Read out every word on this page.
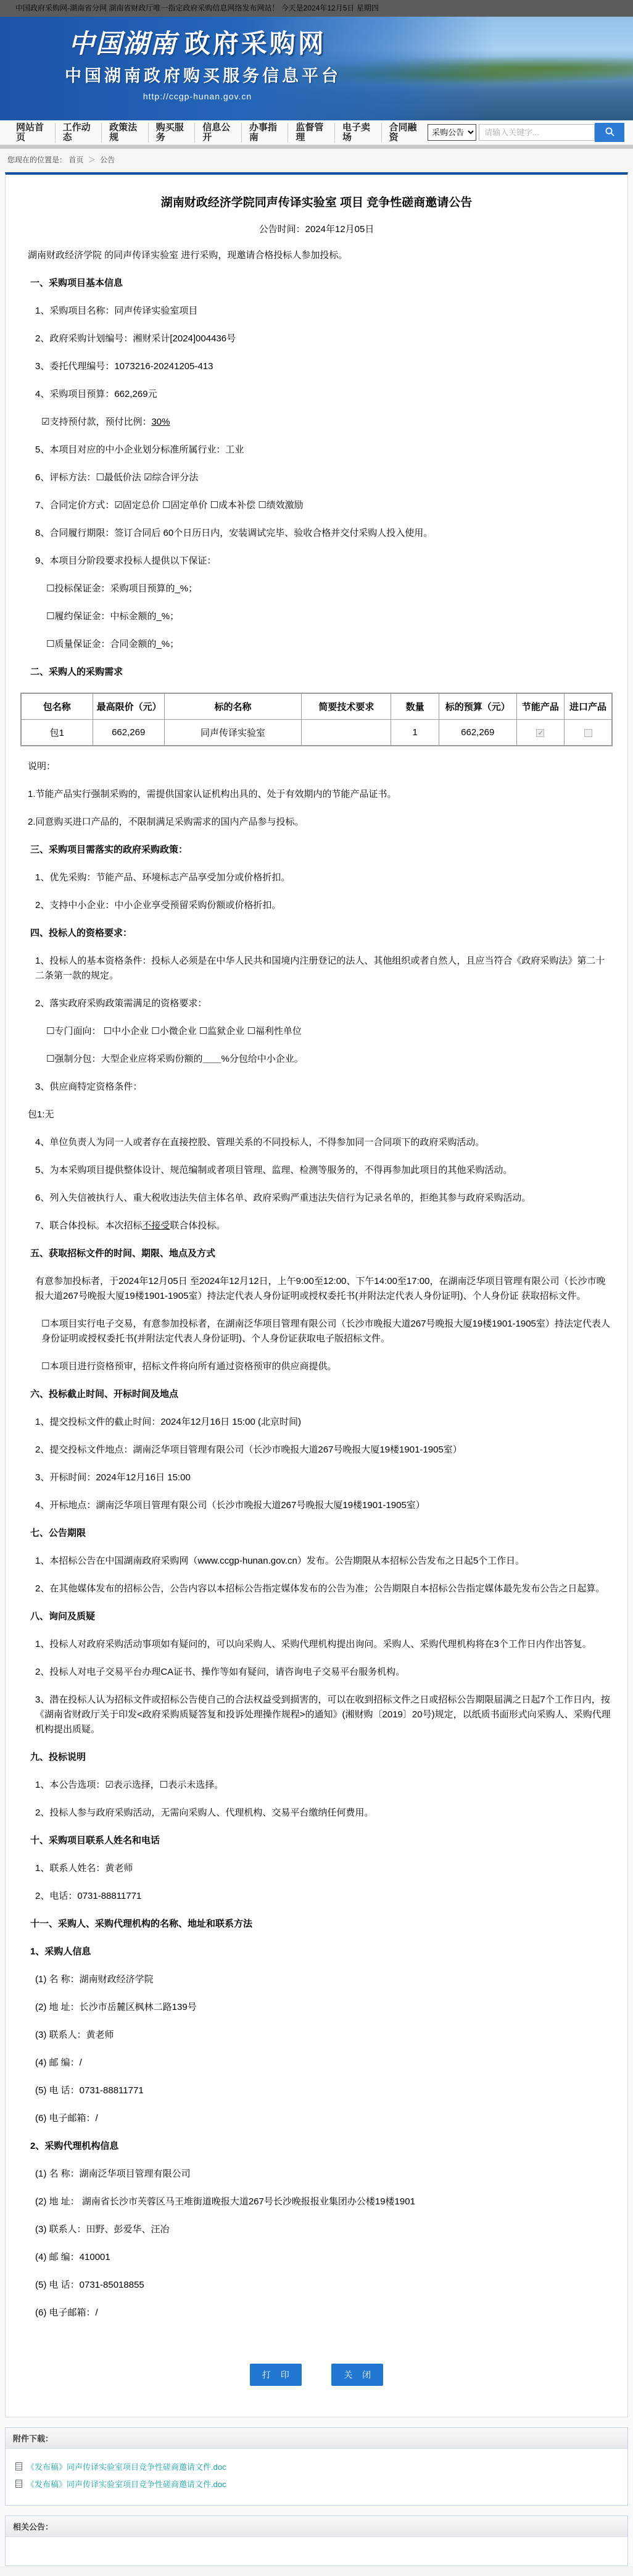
中国政府采购网-湖南省分网 湖南省财政厅唯一指定政府采购信息网络发布网站！ 今天是2024年12月5日 星期四
中国湖南 政府采购网
中国湖南政府购买服务信息平台
http://ccgp-hunan.gov.cn
网站首页
工作动态
政策法规
购买服务
信息公开
办事指南
监督管理
电子卖场
合同融资
采购公告
请输入关键字...
您现在的位置是： 首页 ＞ 公告
湖南财政经济学院同声传译实验室 项目 竞争性磋商邀请公告
公告时间：2024年12月05日

湖南财政经济学院 的同声传译实验室 进行采购，现邀请合格投标人参加投标。

一、采购项目基本信息

1、采购项目名称：同声传译实验室项目

2、政府采购计划编号：湘财采计[2024]004436号

3、委托代理编号：1073216-20241205-413

4、采购项目预算：662,269元

☑支持预付款，预付比例：30%

5、本项目对应的中小企业划分标准所属行业：工业

6、评标方法：☐最低价法 ☑综合评分法

7、合同定价方式：☑固定总价 ☐固定单价 ☐成本补偿 ☐绩效激励

8、合同履行期限：签订合同后 60个日历日内，安装调试完毕、验收合格并交付采购人投入使用。

9、本项目分阶段要求投标人提供以下保证：

☐投标保证金：采购项目预算的_%；

☐履约保证金：中标金额的_%；

☐质量保证金：合同金额的_%；

二、采购人的采购需求

包名称	最高限价（元）	标的名称	简要技术要求	数量	标的预算（元）	节能产品	进口产品
包1	662,269	同声传译实验室		1	662,269	✓	

说明：

1.节能产品实行强制采购的，需提供国家认证机构出具的、处于有效期内的节能产品证书。

2.同意购买进口产品的，不限制满足采购需求的国内产品参与投标。

三、采购项目需落实的政府采购政策：

1、优先采购：节能产品、环境标志产品享受加分或价格折扣。

2、支持中小企业：中小企业享受预留采购份额或价格折扣。

四、投标人的资格要求：

1、投标人的基本资格条件：投标人必须是在中华人民共和国境内注册登记的法人、其他组织或者自然人，且应当符合《政府采购法》第二十二条第一款的规定。

2、落实政府采购政策需满足的资格要求：

☐专门面向： ☐中小企业 ☐小微企业 ☐监狱企业 ☐福利性单位

☐强制分包：大型企业应将采购份额的＿＿%分包给中小企业。

3、供应商特定资格条件：

包1:无

4、单位负责人为同一人或者存在直接控股、管理关系的不同投标人，不得参加同一合同项下的政府采购活动。

5、为本采购项目提供整体设计、规范编制或者项目管理、监理、检测等服务的，不得再参加此项目的其他采购活动。

6、列入失信被执行人、重大税收违法失信主体名单、政府采购严重违法失信行为记录名单的，拒绝其参与政府采购活动。

7、联合体投标。本次招标不接受联合体投标。

五、获取招标文件的时间、期限、地点及方式

有意参加投标者，于2024年12月05日 至2024年12月12日，上午9:00至12:00、下午14:00至17:00，在湖南泛华项目管理有限公司（长沙市晚报大道267号晚报大厦19楼1901-1905室）持法定代表人身份证明或授权委托书(并附法定代表人身份证明)、个人身份证 获取招标文件。

☐本项目实行电子交易，有意参加投标者，在湖南泛华项目管理有限公司（长沙市晚报大道267号晚报大厦19楼1901-1905室）持法定代表人身份证明或授权委托书(并附法定代表人身份证明)、个人身份证获取电子版招标文件。

☐本项目进行资格预审，招标文件将向所有通过资格预审的供应商提供。

六、投标截止时间、开标时间及地点

1、提交投标文件的截止时间：2024年12月16日 15:00 (北京时间)

2、提交投标文件地点：湖南泛华项目管理有限公司（长沙市晚报大道267号晚报大厦19楼1901-1905室）

3、开标时间：2024年12月16日 15:00

4、开标地点：湖南泛华项目管理有限公司（长沙市晚报大道267号晚报大厦19楼1901-1905室）

七、公告期限

1、本招标公告在中国湖南政府采购网（www.ccgp-hunan.gov.cn）发布。公告期限从本招标公告发布之日起5个工作日。

2、在其他媒体发布的招标公告，公告内容以本招标公告指定媒体发布的公告为准；公告期限自本招标公告指定媒体最先发布公告之日起算。

八、询问及质疑

1、投标人对政府采购活动事项如有疑问的，可以向采购人、采购代理机构提出询问。采购人、采购代理机构将在3个工作日内作出答复。

2、投标人对电子交易平台办理CA证书、操作等如有疑问，请咨询电子交易平台服务机构。

3、潜在投标人认为招标文件或招标公告使自己的合法权益受到损害的，可以在收到招标文件之日或招标公告期限届满之日起7个工作日内，按《湖南省财政厅关于印发<政府采购质疑答复和投诉处理操作规程>的通知》(湘财购〔2019〕20号)规定，以纸质书面形式向采购人、采购代理机构提出质疑。

九、投标说明

1、本公告选项：☑表示选择，☐表示未选择。

2、投标人参与政府采购活动，无需向采购人、代理机构、交易平台缴纳任何费用。

十、采购项目联系人姓名和电话

1、联系人姓名：黄老师

2、电话：0731-88811771

十一、采购人、采购代理机构的名称、地址和联系方法

1、采购人信息

(1) 名 称：湖南财政经济学院

(2) 地 址：长沙市岳麓区枫林二路139号

(3) 联系人：黄老师

(4) 邮 编：/

(5) 电 话：0731-88811771

(6) 电子邮箱：/

2、采购代理机构信息

(1) 名 称：湖南泛华项目管理有限公司

(2) 地 址： 湖南省长沙市芙蓉区马王堆街道晚报大道267号长沙晚报报业集团办公楼19楼1901

(3) 联系人：田野、彭爱华、汪冶

(4) 邮 编：410001

(5) 电 话：0731-85018855

(6) 电子邮箱：/

打 印	关 闭
附件下载：
《发布稿》同声传译实验室项目竞争性磋商邀请文件.doc
《发布稿》同声传译实验室项目竞争性磋商邀请文件.doc
相关公告：
